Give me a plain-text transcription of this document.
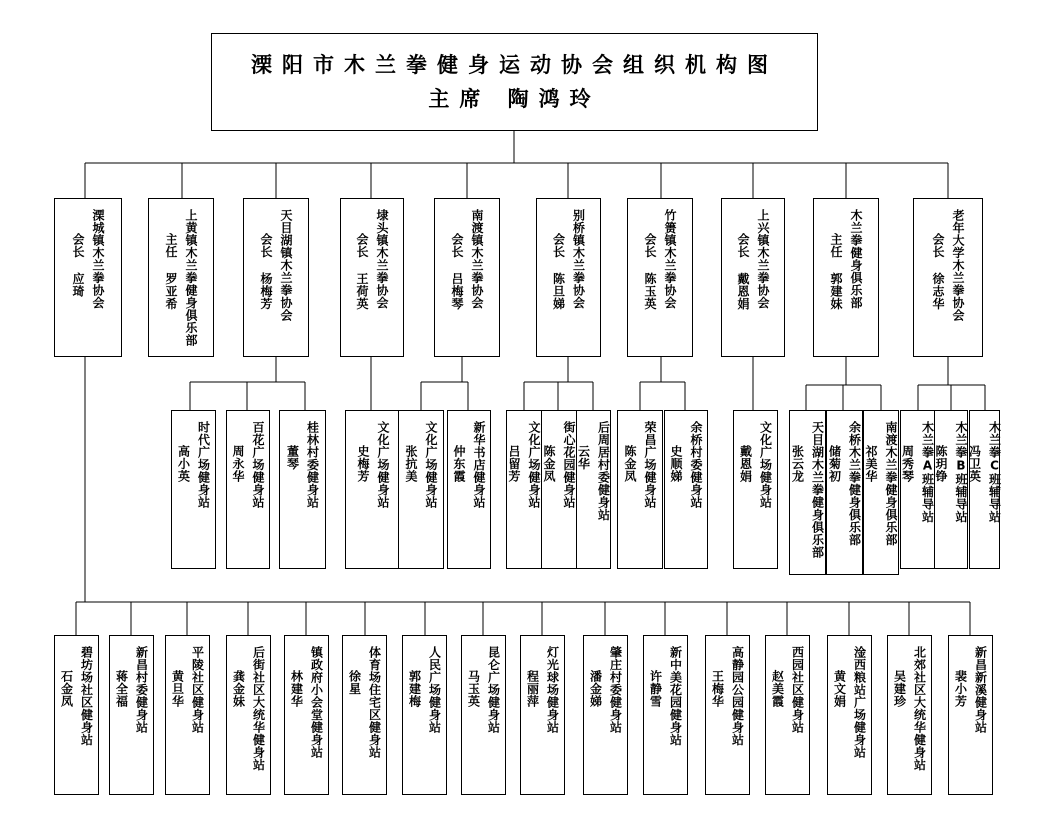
溧阳市木兰拳健身运动协会组织机构图
主席 陶鸿玲
溧城镇木兰拳协会
会长 应琦	上黄镇木兰拳健身俱乐部
主任 罗亚希	天目湖镇木兰拳协会
会长 杨梅芳	埭头镇木兰拳协会
会长 王荷英	南渡镇木兰拳协会
会长 吕梅琴	别桥镇木兰拳协会
会长 陈旦娣	竹箦镇木兰拳协会
会长 陈玉英	上兴镇木兰拳协会
会长 戴恩娟	木兰拳健身俱乐部
主任 郭建妹	老年大学木兰拳协会
会长 徐志华
时代广场健身站
高小英	百花广场健身站
周永华	桂林村委健身站
董琴	文化广场健身站
史梅芳	文化广场健身站
张抗美	新华书店健身站
仲东霞	文化广场健身站
吕留芳	街心花园健身站
陈金凤	后周居村委健身站
云华	荣昌广场健身站
陈金凤	余桥村委健身站
史顺娣	文化广场健身站
戴恩娟	天目湖木兰拳健身俱乐部
张云龙	余桥木兰拳健身俱乐部
储菊初	南渡木兰拳健身俱乐部
祁美华	木兰拳A班辅导站
周秀琴	木兰拳B班辅导站
陈玥铮	木兰拳C班辅导站
冯卫英
碧坊场社区健身站
石金凤	新昌村委健身站
蒋全福	平陵社区健身站
黄旦华	后街社区大统华健身站
龚金妹	镇政府小会堂健身站
林建华	体育场住宅区健身站
徐星	人民广场健身站
郭建梅	昆仑广场健身站
马玉英	灯光球场健身站
程丽萍	肇庄村委健身站
潘金娣	新中美花园健身站
许静雪	高静园公园健身站
王梅华	西园社区健身站
赵美霞	淦西粮站广场健身站
黄文娟	北郊社区大统华健身站
吴建珍	新昌新溪健身站
裴小芳
